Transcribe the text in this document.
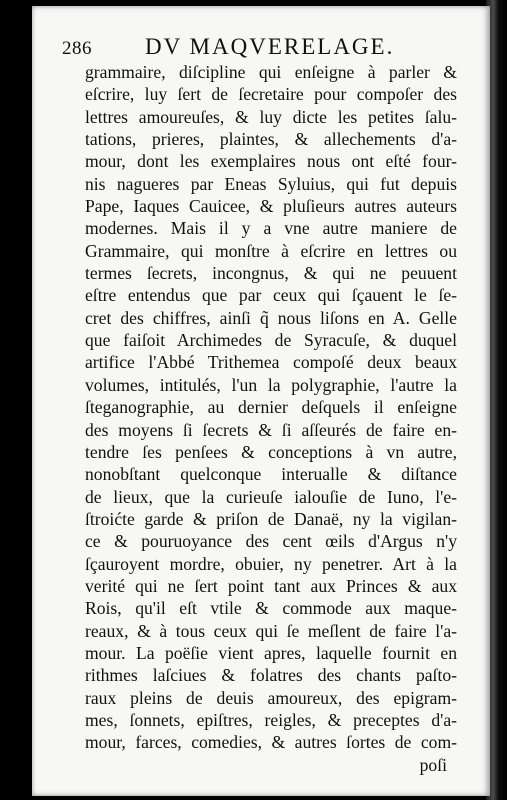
286 DV MAQVERELAGE.
grammaire, diſcipline qui enſeigne à parler &
eſcrire, luy ſert de ſecretaire pour compoſer des
lettres amoureuſes, & luy dicte les petites ſalu-
tations, prieres, plaintes, & allechements d'a-
mour, dont les exemplaires nous ont eſté four-
nis nagueres par Eneas Syluius, qui fut depuis
Pape, Iaques Cauicee, & pluſieurs autres auteurs
modernes. Mais il y a vne autre maniere de
Grammaire, qui monſtre à eſcrire en lettres ou
termes ſecrets, incongnus, & qui ne peuuent
eſtre entendus que par ceux qui ſçauent le ſe-
cret des chiffres, ainſi q̃ nous liſons en A. Gelle
que faiſoit Archimedes de Syracuſe, & duquel
artifice l'Abbé Trithemea compoſé deux beaux
volumes, intitulés, l'un la polygraphie, l'autre la
ſteganographie, au dernier deſquels il enſeigne
des moyens ſi ſecrets & ſi aſſeurés de faire en-
tendre ſes penſees & conceptions à vn autre,
nonobſtant quelconque interualle & diſtance
de lieux, que la curieuſe ialouſie de Iuno, l'e-
ſtroićte garde & priſon de Danaë, ny la vigilan-
ce & pouruoyance des cent œils d'Argus n'y
ſçauroyent mordre, obuier, ny penetrer. Art à la
verité qui ne ſert point tant aux Princes & aux
Rois, qu'il eſt vtile & commode aux maque-
reaux, & à tous ceux qui ſe meſlent de faire l'a-
mour. La poëſie vient apres, laquelle fournit en
rithmes laſciues & folatres des chants paſto-
raux pleins de deuis amoureux, des epigram-
mes, ſonnets, epiſtres, reigles, & preceptes d'a-
mour, farces, comedies, & autres ſortes de com-
poſi
